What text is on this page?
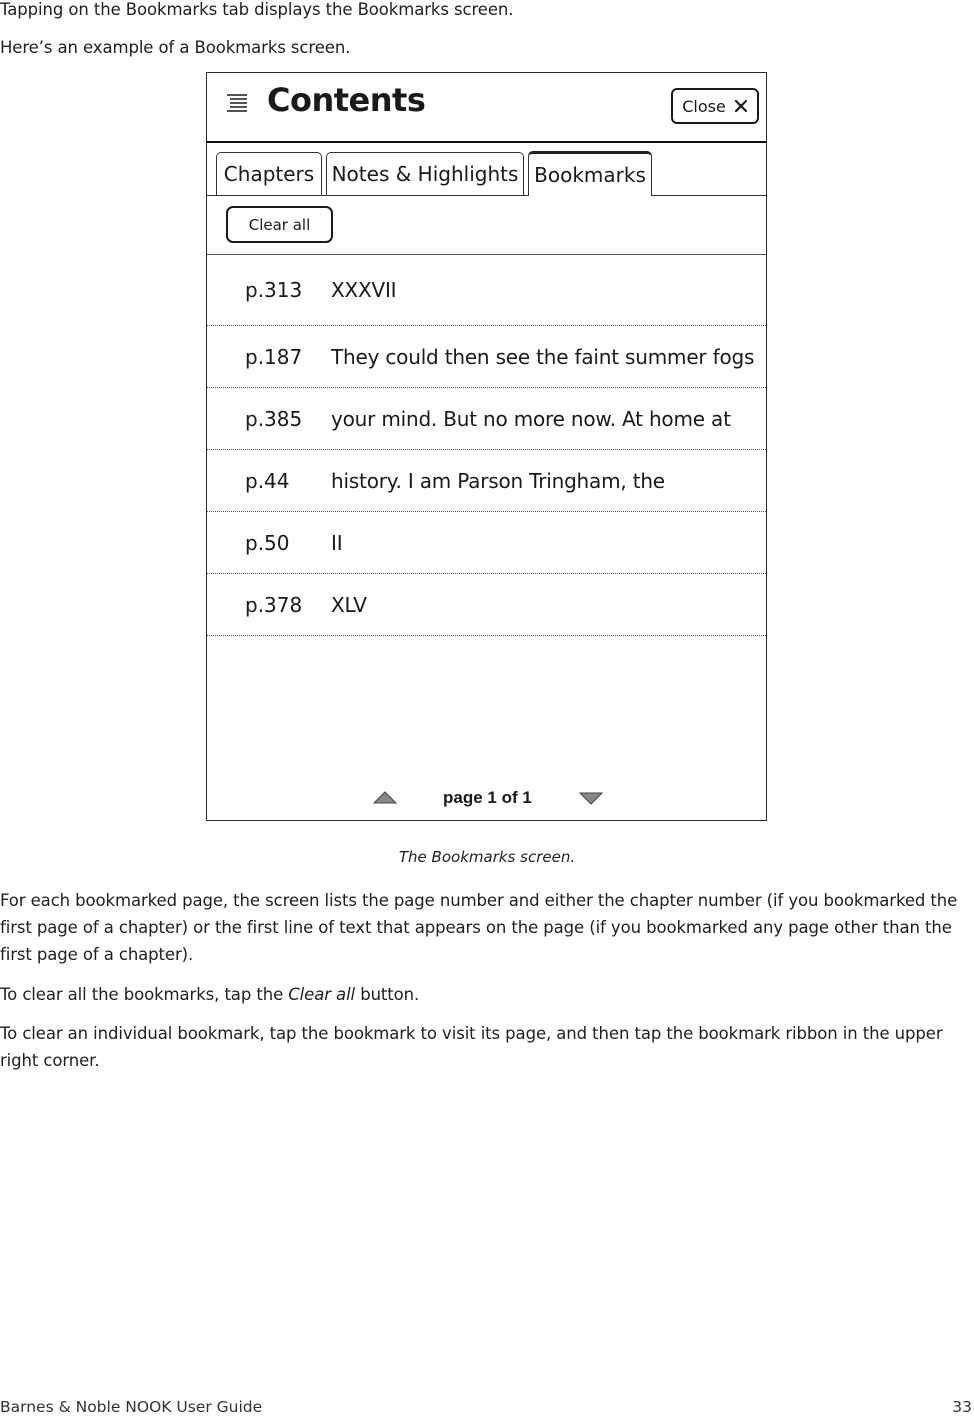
Tapping on the Bookmarks tab displays the Bookmarks screen.

Here’s an example of a Bookmarks screen.

Contents	Close
Chapters Notes & Highlights Bookmarks
Clear all
p.313 XXXVII
p.187 They could then see the faint summer fogs
p.385 your mind. But no more now. At home at
p.44 history. I am Parson Tringham, the
p.50 II
p.378 XLV
page 1 of 1
The Bookmarks screen.

For each bookmarked page, the screen lists the page number and either the chapter number (if you bookmarked the

first page of a chapter) or the first line of text that appears on the page (if you bookmarked any page other than the

first page of a chapter).

To clear all the bookmarks, tap the Clear all button.

To clear an individual bookmark, tap the bookmark to visit its page, and then tap the bookmark ribbon in the upper

right corner.

Barnes & Noble NOOK User Guide	33
